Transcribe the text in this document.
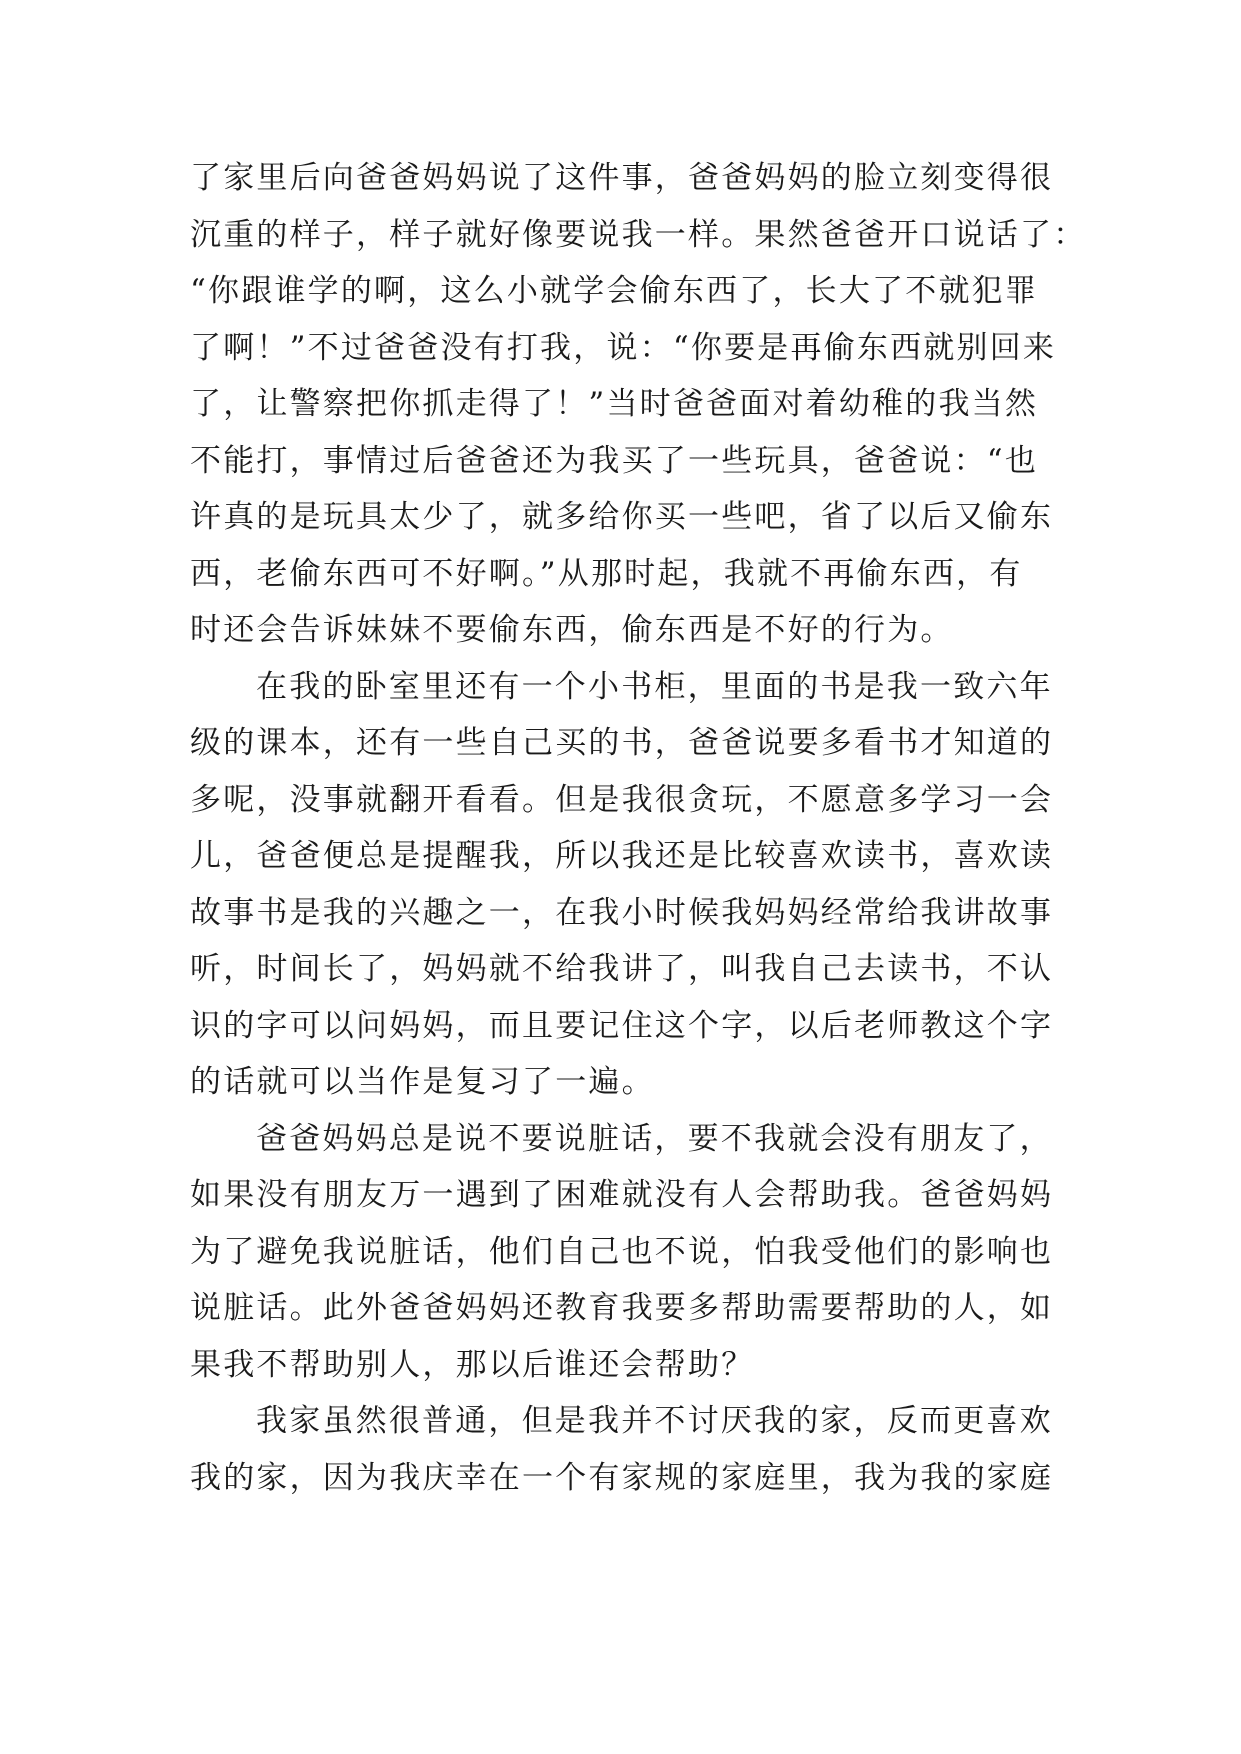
了家里后向爸爸妈妈说了这件事，爸爸妈妈的脸立刻变得很
沉重的样子，样子就好像要说我一样。果然爸爸开口说话了：
“你跟谁学的啊，这么小就学会偷东西了，长大了不就犯罪
了啊！”不过爸爸没有打我，说：“你要是再偷东西就别回来
了，让警察把你抓走得了！”当时爸爸面对着幼稚的我当然
不能打，事情过后爸爸还为我买了一些玩具，爸爸说：“也
许真的是玩具太少了，就多给你买一些吧，省了以后又偷东
西，老偷东西可不好啊。”从那时起，我就不再偷东西，有
时还会告诉妹妹不要偷东西，偷东西是不好的行为。
在我的卧室里还有一个小书柜，里面的书是我一致六年
级的课本，还有一些自己买的书，爸爸说要多看书才知道的
多呢，没事就翻开看看。但是我很贪玩，不愿意多学习一会
儿，爸爸便总是提醒我，所以我还是比较喜欢读书，喜欢读
故事书是我的兴趣之一，在我小时候我妈妈经常给我讲故事
听，时间长了，妈妈就不给我讲了，叫我自己去读书，不认
识的字可以问妈妈，而且要记住这个字，以后老师教这个字
的话就可以当作是复习了一遍。
爸爸妈妈总是说不要说脏话，要不我就会没有朋友了，
如果没有朋友万一遇到了困难就没有人会帮助我。爸爸妈妈
为了避免我说脏话，他们自己也不说，怕我受他们的影响也
说脏话。此外爸爸妈妈还教育我要多帮助需要帮助的人，如
果我不帮助别人，那以后谁还会帮助？
我家虽然很普通，但是我并不讨厌我的家，反而更喜欢
我的家，因为我庆幸在一个有家规的家庭里，我为我的家庭
